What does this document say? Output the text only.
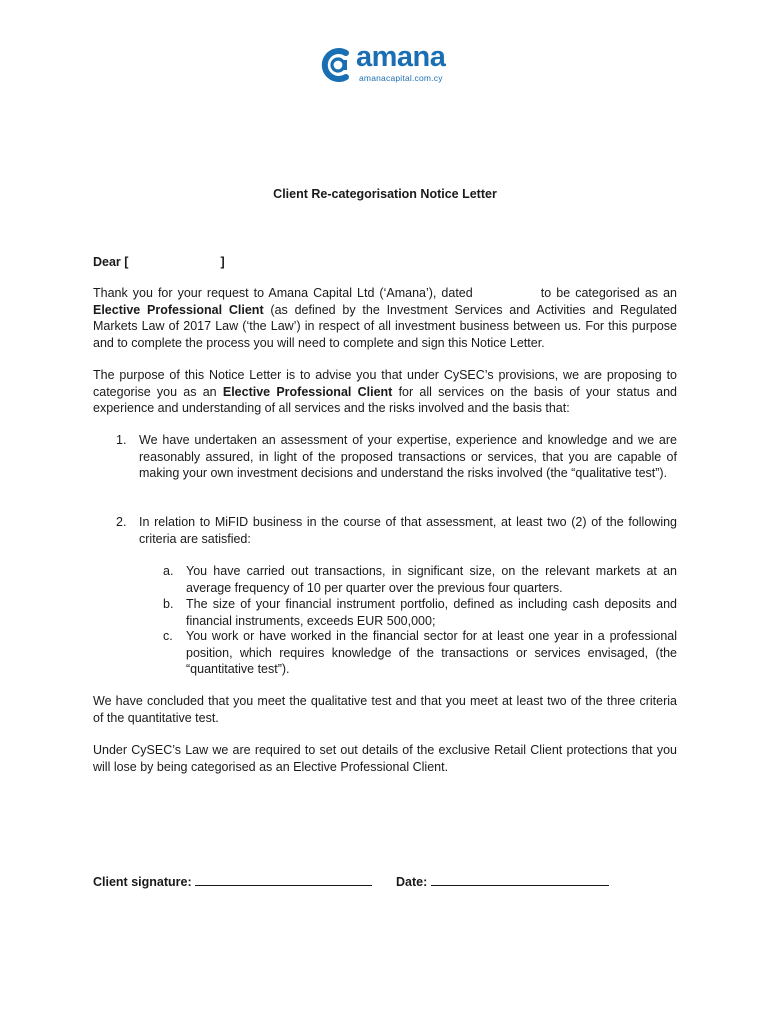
amana
amanacapital.com.cy
Client Re-categorisation Notice Letter
Dear [	]
Thank you for your request to Amana Capital Ltd (‘Amana’), dated	to be categorised as an Elective Professional Client (as defined by the Investment Services and Activities and Regulated Markets Law of 2017 Law (‘the Law’) in respect of all investment business between us. For this purpose and to complete the process you will need to complete and sign this Notice Letter.
The purpose of this Notice Letter is to advise you that under CySEC’s provisions, we are proposing to categorise you as an Elective Professional Client for all services on the basis of your status and experience and understanding of all services and the risks involved and the basis that:
1. We have undertaken an assessment of your expertise, experience and knowledge and we are reasonably assured, in light of the proposed transactions or services, that you are capable of making your own investment decisions and understand the risks involved (the “qualitative test”).
2. In relation to MiFID business in the course of that assessment, at least two (2) of the following criteria are satisfied:
a. You have carried out transactions, in significant size, on the relevant markets at an average frequency of 10 per quarter over the previous four quarters.
b. The size of your financial instrument portfolio, defined as including cash deposits and financial instruments, exceeds EUR 500,000;
c. You work or have worked in the financial sector for at least one year in a professional position, which requires knowledge of the transactions or services envisaged, (the “quantitative test”).
We have concluded that you meet the qualitative test and that you meet at least two of the three criteria of the quantitative test.
Under CySEC’s Law we are required to set out details of the exclusive Retail Client protections that you will lose by being categorised as an Elective Professional Client.
Client signature:	Date:
